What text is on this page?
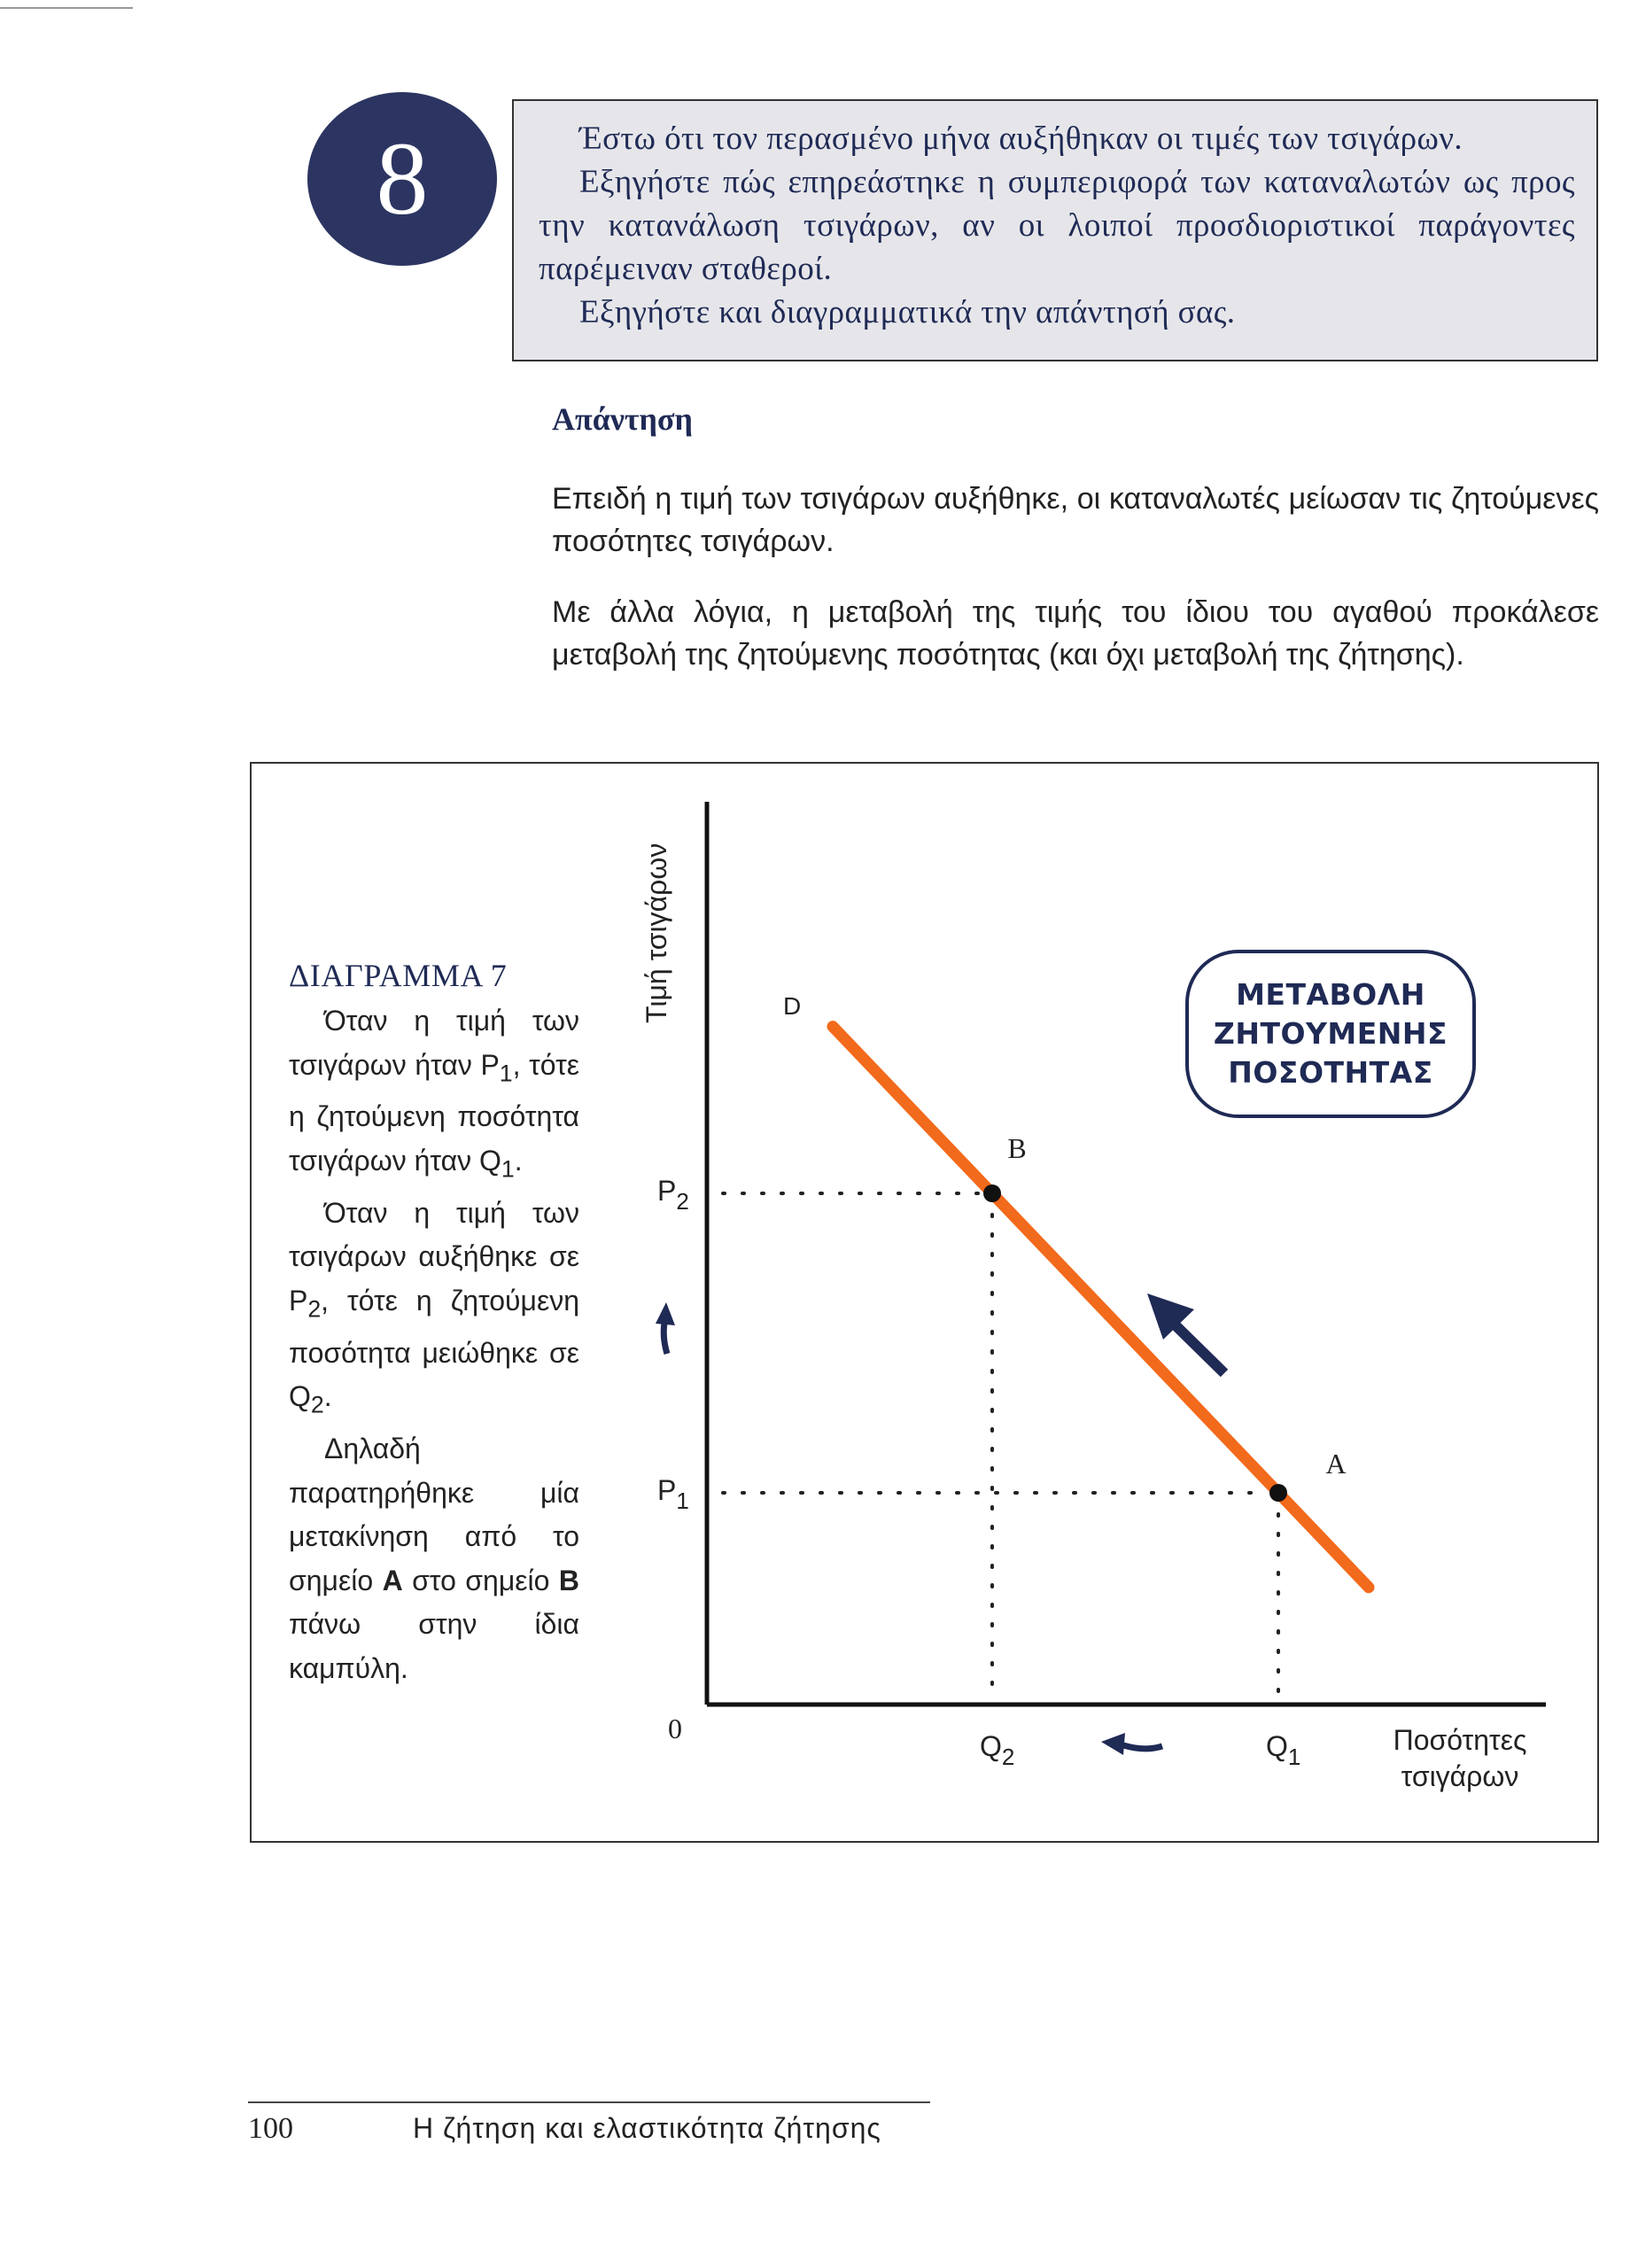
8	Έστω ότι τον περασμένο μήνα αυξήθηκαν οι τιμές των τσιγάρων.

Εξηγήστε πώς επηρεάστηκε η συμπεριφορά των καταναλωτών ως προς την κατανάλωση τσιγάρων, αν οι λοιποί προσδιοριστικοί παράγοντες παρέμειναν σταθεροί.

Εξηγήστε και διαγραμματικά την απάντησή σας.

Απάντηση

Επειδή η τιμή των τσιγάρων αυξήθηκε, οι καταναλωτές μείωσαν τις ζητούμενες ποσότητες τσιγάρων.

Με άλλα λόγια, η μεταβολή της τιμής του ίδιου του αγαθού προκάλεσε μεταβολή της ζητούμενης ποσότητας (και όχι μεταβολή της ζήτησης).

ΔΙΑΓΡΑΜΜΑ 7

Όταν η τιμή των τσιγάρων ήταν $P_1$, τότε η ζητούμενη ποσότητα τσιγάρων ήταν $Q_1$.
Όταν η τιμή των τσιγάρων αυξήθηκε σε $P_2$, τότε η ζητούμενη ποσότητα μειώθηκε σε $Q_2$.
Δηλαδή παρατηρήθηκε μία μετακίνηση από το σημείο A στο σημείο B πάνω στην ίδια καμπύλη.

Τιμή τσιγάρων
Ποσότητες
τσιγάρων
0
$P_2$
$P_1$
$Q_2$	$Q_1$
D
B
A
ΜΕΤΑΒΟΛΗ
ΖΗΤΟΥΜΕΝΗΣ
ΠΟΣΟΤΗΤΑΣ
100	Η ζήτηση και ελαστικότητα ζήτησης
